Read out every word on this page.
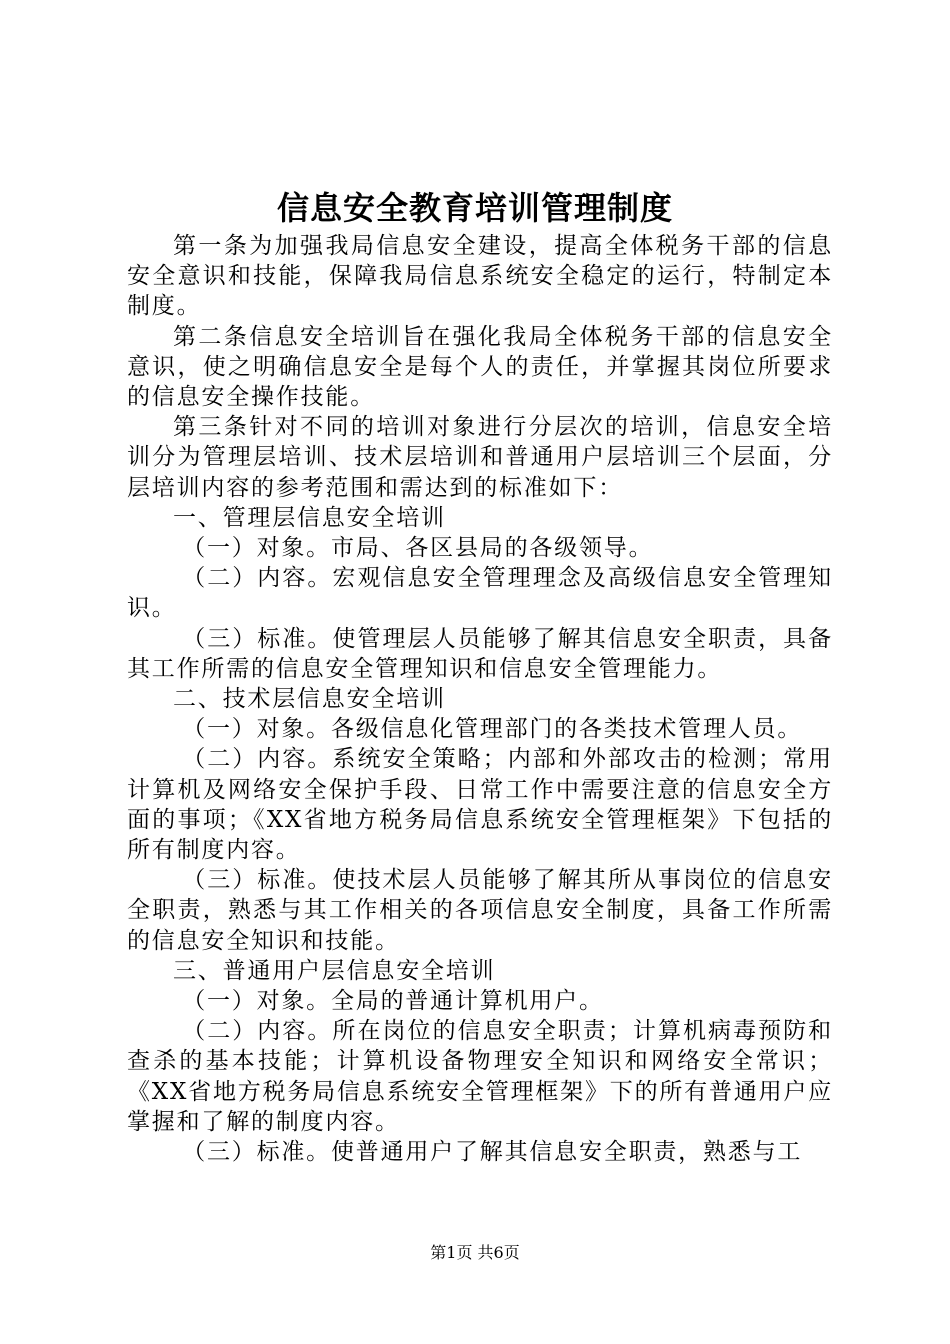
信息安全教育培训管理制度

第一条为加强我局信息安全建设，提高全体税务干部的信息安全意识和技能，保障我局信息系统安全稳定的运行，特制定本制度。

第二条信息安全培训旨在强化我局全体税务干部的信息安全意识，使之明确信息安全是每个人的责任，并掌握其岗位所要求的信息安全操作技能。

第三条针对不同的培训对象进行分层次的培训，信息安全培训分为管理层培训、技术层培训和普通用户层培训三个层面，分层培训内容的参考范围和需达到的标准如下：

一、管理层信息安全培训

（一）对象。市局、各区县局的各级领导。

（二）内容。宏观信息安全管理理念及高级信息安全管理知识。

（三）标准。使管理层人员能够了解其信息安全职责，具备其工作所需的信息安全管理知识和信息安全管理能力。

二、技术层信息安全培训

（一）对象。各级信息化管理部门的各类技术管理人员。

（二）内容。系统安全策略；内部和外部攻击的检测；常用计算机及网络安全保护手段、日常工作中需要注意的信息安全方面的事项；《XX省地方税务局信息系统安全管理框架》下包括的所有制度内容。

（三）标准。使技术层人员能够了解其所从事岗位的信息安全职责，熟悉与其工作相关的各项信息安全制度，具备工作所需的信息安全知识和技能。

三、普通用户层信息安全培训

（一）对象。全局的普通计算机用户。

（二）内容。所在岗位的信息安全职责；计算机病毒预防和查杀的基本技能；计算机设备物理安全知识和网络安全常识；《XX省地方税务局信息系统安全管理框架》下的所有普通用户应掌握和了解的制度内容。

（三）标准。使普通用户了解其信息安全职责，熟悉与工

第1页 共6页
